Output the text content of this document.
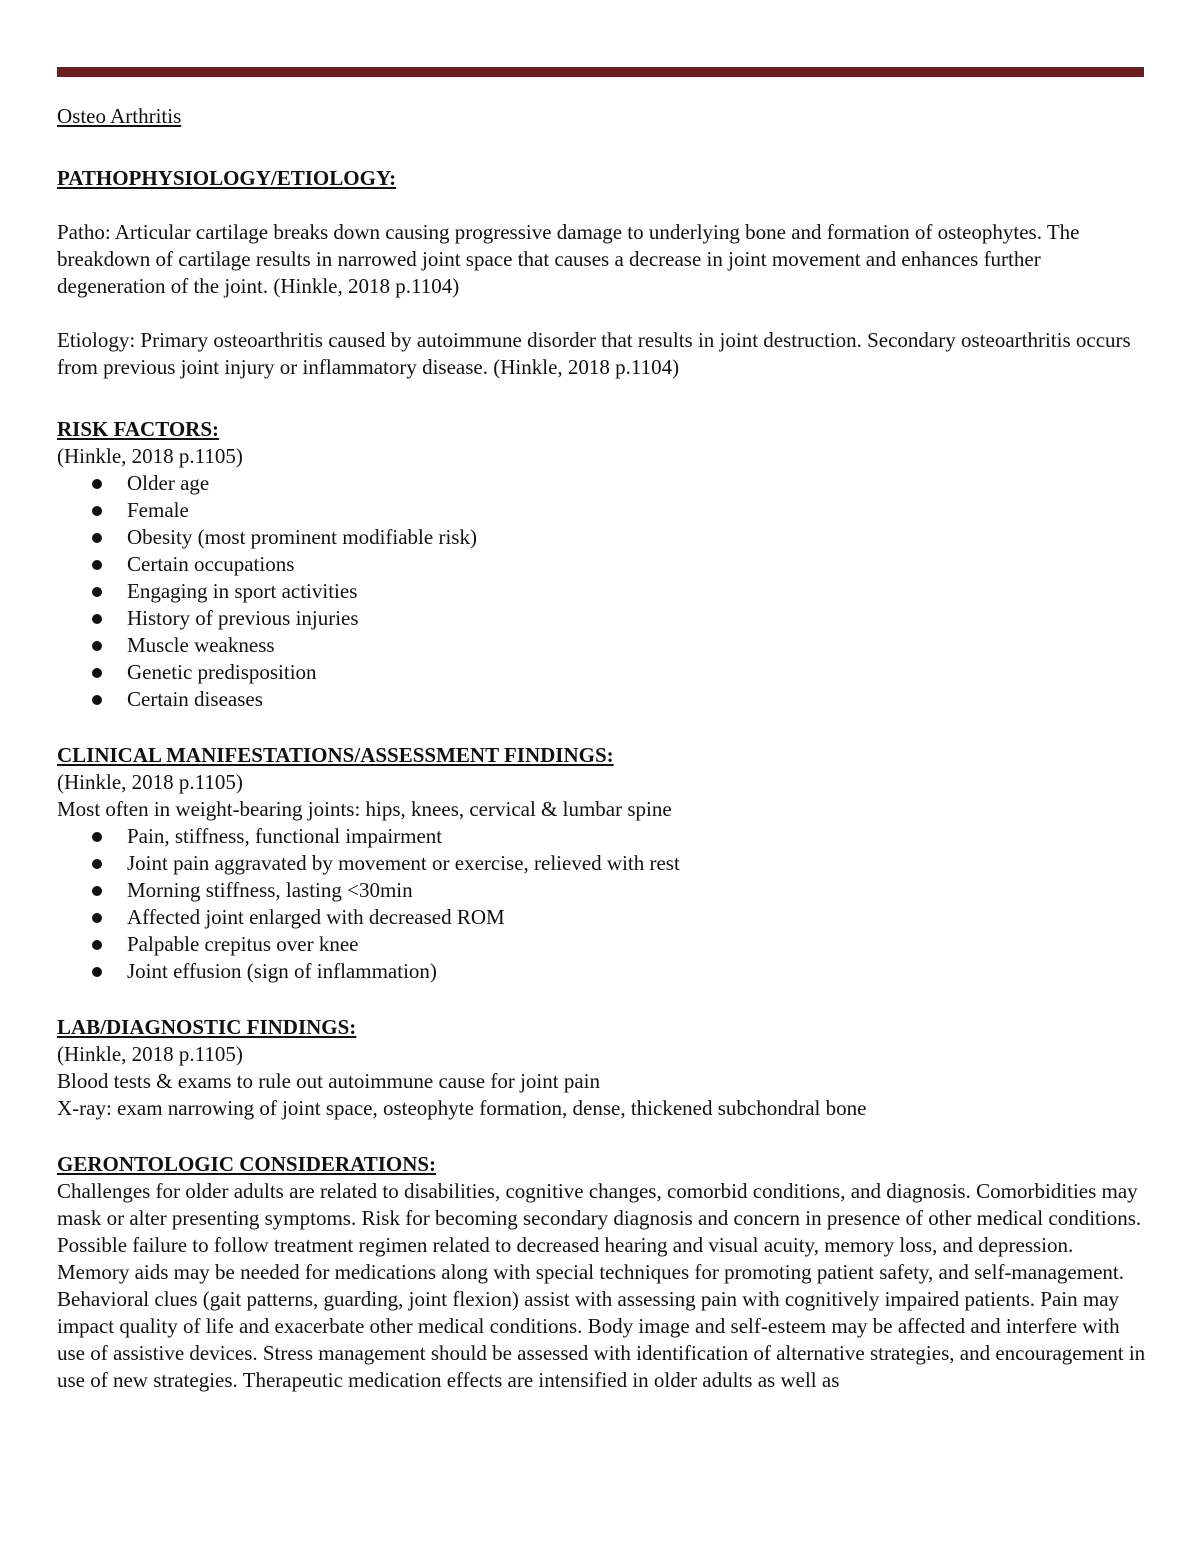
Osteo Arthritis

PATHOPHYSIOLOGY/ETIOLOGY:

Patho: Articular cartilage breaks down causing progressive damage to underlying bone and formation of osteophytes. The breakdown of cartilage results in narrowed joint space that causes a decrease in joint movement and enhances further degeneration of the joint. (Hinkle, 2018 p.1104)

Etiology: Primary osteoarthritis caused by autoimmune disorder that results in joint destruction. Secondary osteoarthritis occurs from previous joint injury or inflammatory disease. (Hinkle, 2018 p.1104)

RISK FACTORS:

(Hinkle, 2018 p.1105)

Older age
Female
Obesity (most prominent modifiable risk)
Certain occupations
Engaging in sport activities
History of previous injuries
Muscle weakness
Genetic predisposition
Certain diseases

CLINICAL MANIFESTATIONS/ASSESSMENT FINDINGS:

(Hinkle, 2018 p.1105)

Most often in weight-bearing joints: hips, knees, cervical & lumbar spine

Pain, stiffness, functional impairment
Joint pain aggravated by movement or exercise, relieved with rest
Morning stiffness, lasting <30min
Affected joint enlarged with decreased ROM
Palpable crepitus over knee
Joint effusion (sign of inflammation)

LAB/DIAGNOSTIC FINDINGS:

(Hinkle, 2018 p.1105)

Blood tests & exams to rule out autoimmune cause for joint pain

X-ray: exam narrowing of joint space, osteophyte formation, dense, thickened subchondral bone

GERONTOLOGIC CONSIDERATIONS:

Challenges for older adults are related to disabilities, cognitive changes, comorbid conditions, and diagnosis. Comorbidities may mask or alter presenting symptoms. Risk for becoming secondary diagnosis and concern in presence of other medical conditions. Possible failure to follow treatment regimen related to decreased hearing and visual acuity, memory loss, and depression. Memory aids may be needed for medications along with special techniques for promoting patient safety, and self-management. Behavioral clues (gait patterns, guarding, joint flexion) assist with assessing pain with cognitively impaired patients. Pain may impact quality of life and exacerbate other medical conditions. Body image and self-esteem may be affected and interfere with use of assistive devices. Stress management should be assessed with identification of alternative strategies, and encouragement in use of new strategies. Therapeutic medication effects are intensified in older adults as well as
